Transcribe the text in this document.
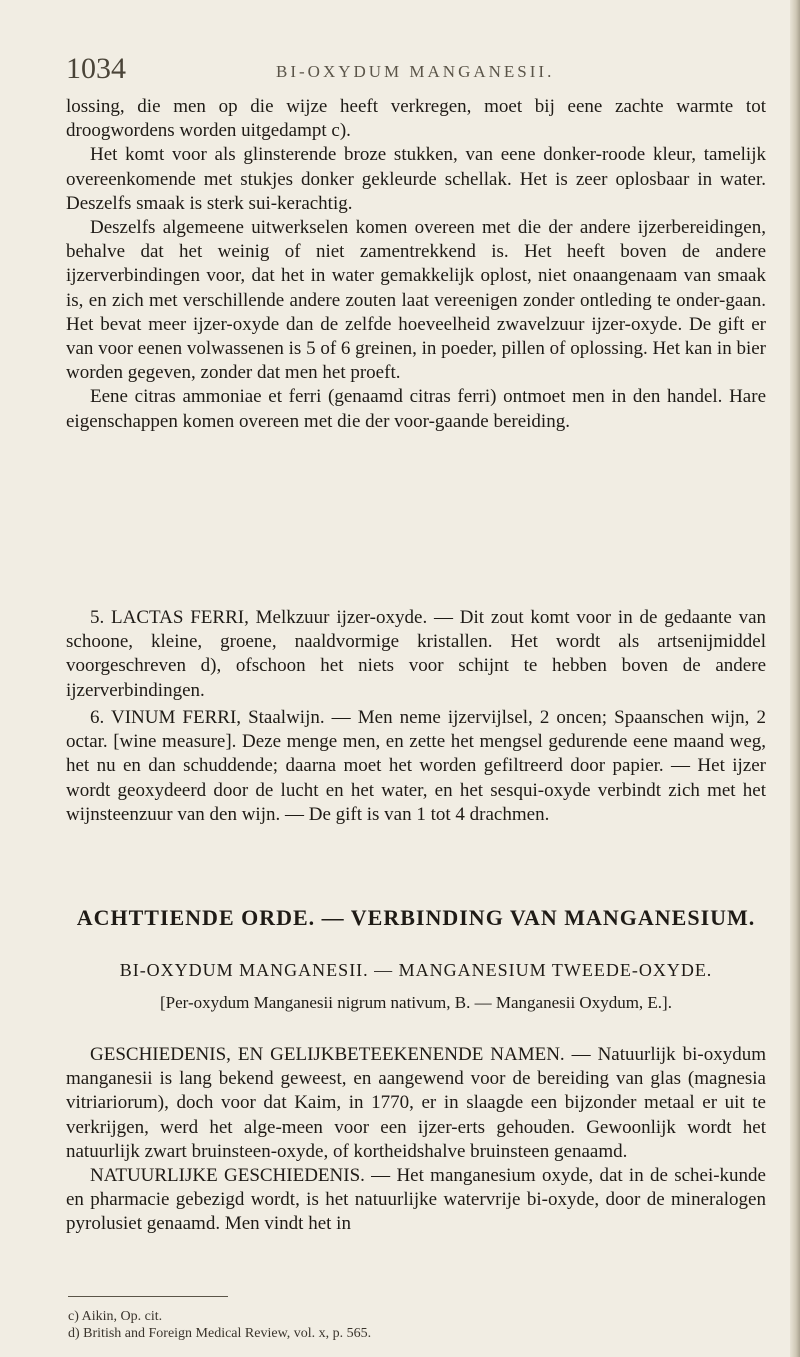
1034	BI-OXYDUM MANGANESII.

lossing, die men op die wijze heeft verkregen, moet bij eene zachte warmte tot droogwordens worden uitgedampt c).

Het komt voor als glinsterende broze stukken, van eene donker-roode kleur, tamelijk overeenkomende met stukjes donker gekleurde schellak. Het is zeer oplosbaar in water. Deszelfs smaak is sterk sui-kerachtig.

Deszelfs algemeene uitwerkselen komen overeen met die der andere ijzerbereidingen, behalve dat het weinig of niet zamentrekkend is. Het heeft boven de andere ijzerverbindingen voor, dat het in water gemakkelijk oplost, niet onaangenaam van smaak is, en zich met verschillende andere zouten laat vereenigen zonder ontleding te onder-gaan. Het bevat meer ijzer-oxyde dan de zelfde hoeveelheid zwavelzuur ijzer-oxyde. De gift er van voor eenen volwassenen is 5 of 6 greinen, in poeder, pillen of oplossing. Het kan in bier worden gegeven, zonder dat men het proeft.

Eene citras ammoniae et ferri (genaamd citras ferri) ontmoet men in den handel. Hare eigenschappen komen overeen met die der voor-gaande bereiding.

5. LACTAS FERRI, Melkzuur ijzer-oxyde. — Dit zout komt voor in de gedaante van schoone, kleine, groene, naaldvormige kristallen. Het wordt als artsenijmiddel voorgeschreven d), ofschoon het niets voor schijnt te hebben boven de andere ijzerverbindingen.

6. VINUM FERRI, Staalwijn. — Men neme ijzervijlsel, 2 oncen; Spaanschen wijn, 2 octar. [wine measure]. Deze menge men, en zette het mengsel gedurende eene maand weg, het nu en dan schuddende; daarna moet het worden gefiltreerd door papier. — Het ijzer wordt geoxydeerd door de lucht en het water, en het sesqui-oxyde verbindt zich met het wijnsteenzuur van den wijn. — De gift is van 1 tot 4 drachmen.

ACHTTIENDE ORDE. — VERBINDING VAN MANGANESIUM.
BI-OXYDUM MANGANESII. — MANGANESIUM TWEEDE-OXYDE.
[Per-oxydum Manganesii nigrum nativum, B. — Manganesii Oxydum, E.].

GESCHIEDENIS, EN GELIJKBETEEKENENDE NAMEN. — Natuurlijk bi-oxydum manganesii is lang bekend geweest, en aangewend voor de bereiding van glas (magnesia vitriariorum), doch voor dat Kaim, in 1770, er in slaagde een bijzonder metaal er uit te verkrijgen, werd het alge-meen voor een ijzer-erts gehouden. Gewoonlijk wordt het natuurlijk zwart bruinsteen-oxyde, of kortheidshalve bruinsteen genaamd.

NATUURLIJKE GESCHIEDENIS. — Het manganesium oxyde, dat in de schei-kunde en pharmacie gebezigd wordt, is het natuurlijke watervrije bi-oxyde, door de mineralogen pyrolusiet genaamd. Men vindt het in

c) Aikin, Op. cit.
d) British and Foreign Medical Review, vol. x, p. 565.
